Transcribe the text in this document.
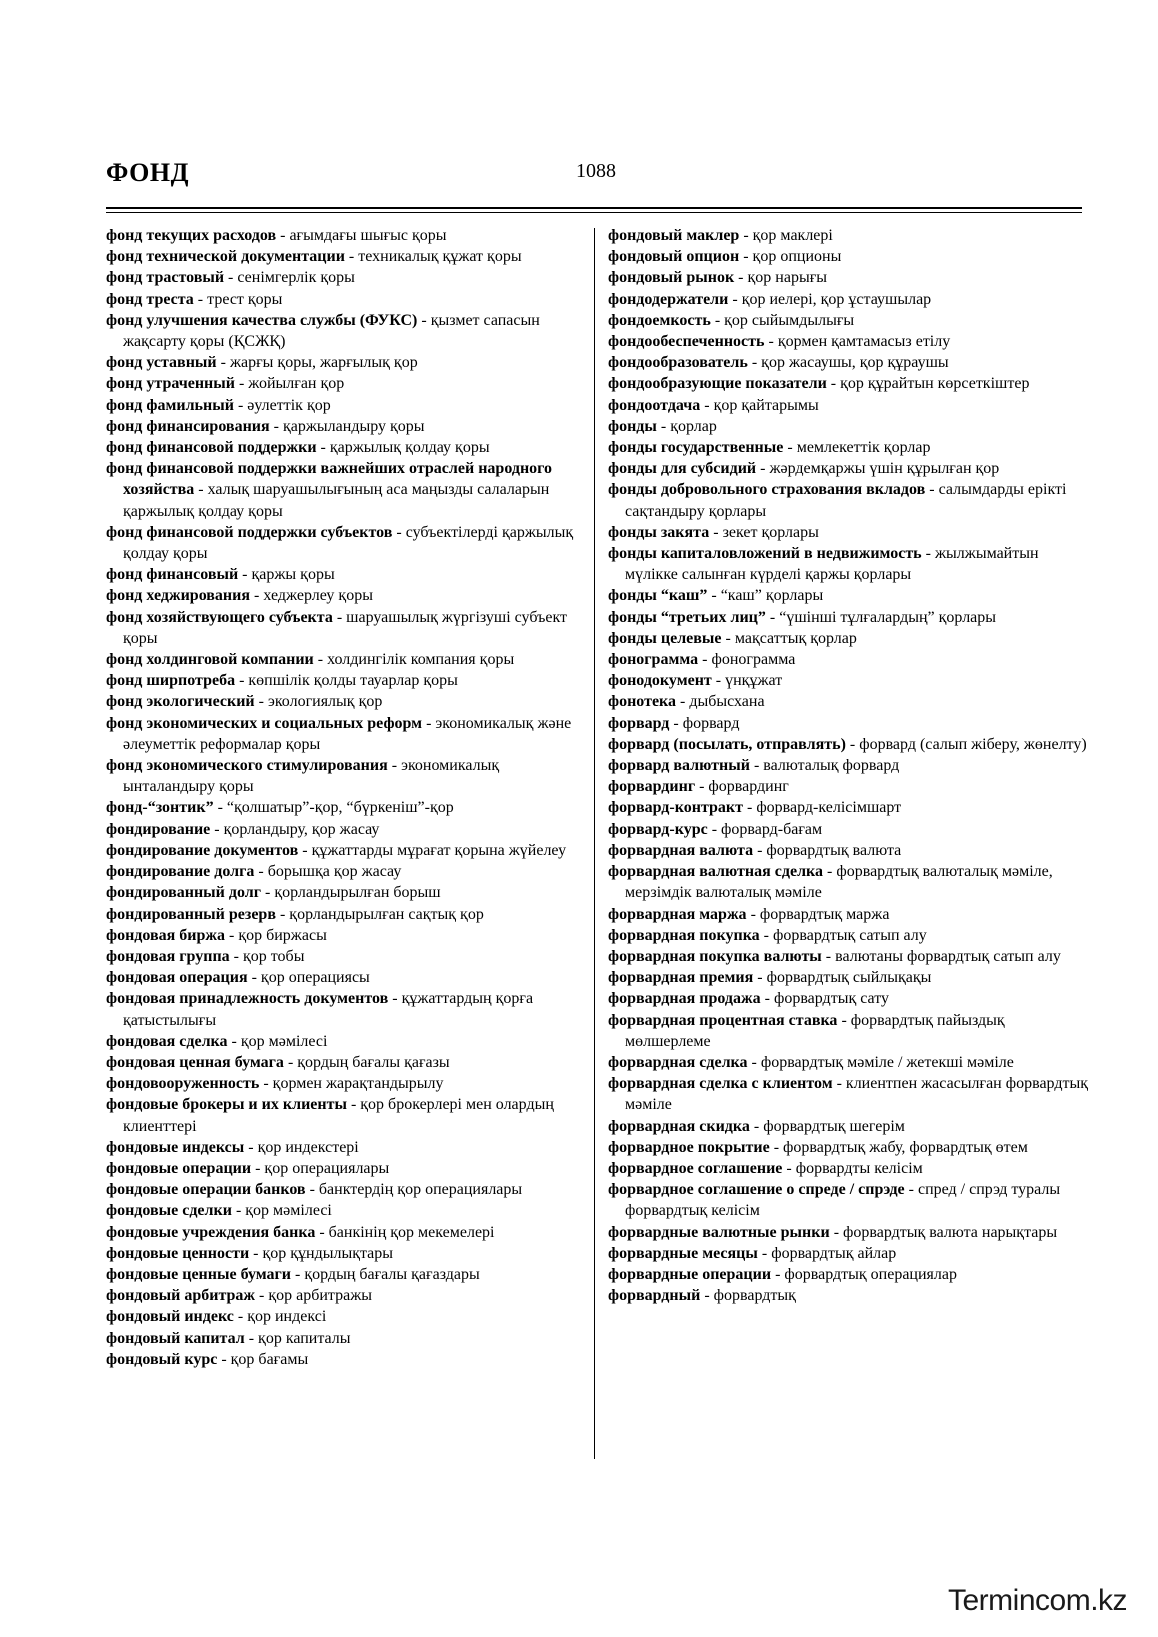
ФОНД	1088
фонд текущих расходов - ағымдағы шығыс қоры
фонд технической документации - техникалық құжат қоры
фонд трастовый - сенімгерлік қоры
фонд треста - трест қоры
фонд улучшения качества службы (ФУКС) - қызмет сапасын жақсарту қоры (ҚСЖҚ)
фонд уставный - жарғы қоры, жарғылық қор
фонд утраченный - жойылған қор
фонд фамильный - әулеттік қор
фонд финансирования - қаржыландыру қоры
фонд финансовой поддержки - қаржылық қолдау қоры
фонд финансовой поддержки важнейших отраслей народного хозяйства - халық шаруашылығының аса маңызды салаларын қаржылық қолдау қоры
фонд финансовой поддержки субъектов - субъектілерді қаржылық қолдау қоры
фонд финансовый - қаржы қоры
фонд хеджирования - хеджерлеу қоры
фонд хозяйствующего субъекта - шаруашылық жүргізуші субъект қоры
фонд холдинговой компании - холдингілік компания қоры
фонд ширпотреба - көпшілік қолды тауарлар қоры
фонд экологический - экологиялық қор
фонд экономических и социальных реформ - экономикалық және әлеуметтік реформалар қоры
фонд экономического стимулирования - экономикалық ынталандыру қоры
фонд-“зонтик” - “қолшатыр”-қор, “бүркеніш”-қор
фондирование - қорландыру, қор жасау
фондирование документов - құжаттарды мұрағат қорына жүйелеу
фондирование долга - борышқа қор жасау
фондированный долг - қорландырылған борыш
фондированный резерв - қорландырылған сақтық қор
фондовая биржа - қор биржасы
фондовая группа - қор тобы
фондовая операция - қор операциясы
фондовая принадлежность документов - құжаттардың қорға қатыстылығы
фондовая сделка - қор мәмілесі
фондовая ценная бумага - қордың бағалы қағазы
фондовооруженность - қормен жарақтандырылу
фондовые брокеры и их клиенты - қор брокерлері мен олардың клиенттері
фондовые индексы - қор индекстері
фондовые операции - қор операциялары
фондовые операции банков - банктердің қор операциялары
фондовые сделки - қор мәмілесі
фондовые учреждения банка - банкінің қор мекемелері
фондовые ценности - қор құндылықтары
фондовые ценные бумаги - қордың бағалы қағаздары
фондовый арбитраж - қор арбитражы
фондовый индекс - қор индексі
фондовый капитал - қор капиталы
фондовый курс - қор бағамы
фондовый маклер - қор маклері
фондовый опцион - қор опционы
фондовый рынок - қор нарығы
фондодержатели - қор иелері, қор ұстаушылар
фондоемкость - қор сыйымдылығы
фондообеспеченность - қормен қамтамасыз етілу
фондообразователь - қор жасаушы, қор құраушы
фондообразующие показатели - қор құрайтын көрсеткіштер
фондоотдача - қор қайтарымы
фонды - қорлар
фонды государственные - мемлекеттік қорлар
фонды для субсидий - жәрдемқаржы үшін құрылған қор
фонды добровольного страхования вкладов - салымдарды ерікті сақтандыру қорлары
фонды закята - зекет қорлары
фонды капиталовложений в недвижимость - жылжымайтын мүлікке салынған күрделі қаржы қорлары
фонды “каш” - “каш” қорлары
фонды “третьих лиц” - “үшінші тұлғалардың” қорлары
фонды целевые - мақсаттық қорлар
фонограмма - фонограмма
фонодокумент - үнқұжат
фонотека - дыбысхана
форвард - форвард
форвард (посылать, отправлять) - форвард (салып жіберу, жөнелту)
форвард валютный - валюталық форвард
форвардинг - форвардинг
форвард-контракт - форвард-келісімшарт
форвард-курс - форвард-бағам
форвардная валюта - форвардтық валюта
форвардная валютная сделка - форвардтық валюталық мәміле, мерзімдік валюталық мәміле
форвардная маржа - форвардтық маржа
форвардная покупка - форвардтық сатып алу
форвардная покупка валюты - валютаны форвардтық сатып алу
форвардная премия - форвардтық сыйлықақы
форвардная продажа - форвардтық сату
форвардная процентная ставка - форвардтық пайыздық мөлшерлеме
форвардная сделка - форвардтық мәміле / жетекші мәміле
форвардная сделка с клиентом - клиентпен жасасылған форвардтық мәміле
форвардная скидка - форвардтық шегерім
форвардное покрытие - форвардтық жабу, форвардтық өтем
форвардное соглашение - форвардты келісім
форвардное соглашение о спреде / спрэде - спред / спрэд туралы форвардтық келісім
форвардные валютные рынки - форвардтық валюта нарықтары
форвардные месяцы - форвардтық айлар
форвардные операции - форвардтық операциялар
форвардный - форвардтық
Termincom.kz
